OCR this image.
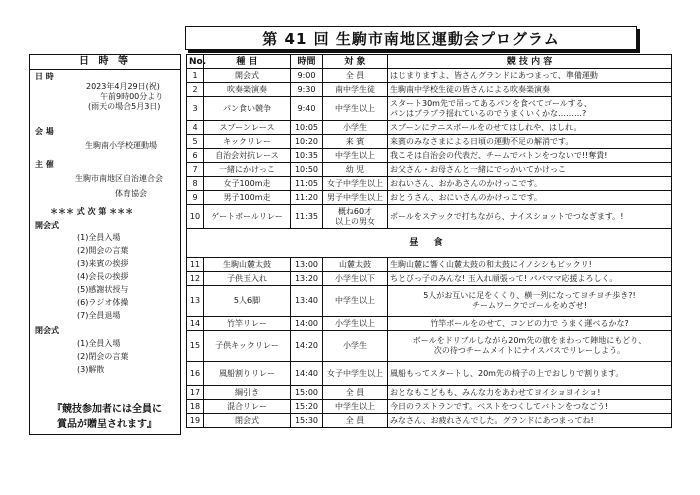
第 41 回 生駒市南地区運動会プログラム
日 時 等
日 時
2023年4月29日(祝)
午前9時00分より
(雨天の場合5月3日)
会 場
生駒南小学校運動場
主 催
生駒市南地区自治連合会
体育協会
＊＊＊ 式 次 第 ＊＊＊
開会式
(1)全員入場
(2)開会の言葉
(3)来賓の挨拶
(4)会長の挨拶
(5)感謝状授与
(6)ラジオ体操
(7)全員退場
閉会式
(1)全員入場
(2)閉会の言葉
(3)解散
『競技参加者には全員に
賞品が贈呈されます』
No.	種 目	時間	対 象	競 技 内 容
1	開会式	9:00	全 員	はじまりますよ、皆さんグランドにあつまって、準備運動
2	吹奏楽演奏	9:30	南中学生徒	生駒南中学校生徒の皆さんによる吹奏楽演奏
3	パン食い競争	9:40	中学生以上	スタート30m先で吊ってあるパンを食べてゴールする、
パンはプラプラ揺れているのでうまくいくかな………?

4	スプーンレース	10:05	小学生	スプーンにテニスボールをのせてはしれや、はしれ。
5	キックリレー	10:20	来 賓	来賓のみなさまによる日頃の運動不足の解消です。
6	自治会対抗レース	10:35	中学生以上	我こそは自治会の代表だ、チームでバトンをつないで!!奪貴!
7	一緒にかけっこ	10:50	幼 児	お父さん・お母さんと一緒にでっかいてかけっこ
8	女子100m走	11:05	女子中学生以上	おねいさん、おかあさんのかけっこです。
9	男子100m走	11:20	男子中学生以上	おとうさん、おにいさんのかけっこです。
10	ゲートボールリレー	11:35	概ね60才
以上の男女	ボールをステックで打ちながら、ナイスショットでつなぎます。!
昼 食				
11	生駒山麓太鼓	13:00	山麓太鼓	生駒山麓に響く山麓太鼓の和太鼓にイノシシもビックリ!
12	子供玉入れ	13:20	小学生以下	ちとびっ子のみんな! 玉入れ頑張って! パパママ応援よろしく。
13	5人6脚	13:40	中学生以上	5人がお互いに足をくくり、横一列になってヨチヨチ歩き?!
チームワークでゴールをめざせ!

14	竹竿リレー	14:00	小学生以上	竹竿ボールをのせて、コンビの力で うまく運べるかな?
15	子供キックリレー	14:20	小学生	ボールをドリブルしながら20m先の旗をまわって陣地にもどり、
次の待つチームメイトにナイスパスでリレーしよう。

16	風船割りリレー	14:40	女子中学生以上	風船もってスタートし、20m先の椅子の上でおしりで割ります。
17	綱引き	15:00	全 員	おとなもこどもも、みんな力をあわせてヨイショヨイショ!
18	混合リレー	15:20	中学生以上	今日のラストランです。ベストをつくしてバトンをつなごう!
19	閉会式	15:30	全 員	みなさん、お疲れさんでした。グランドにあつまってね!
